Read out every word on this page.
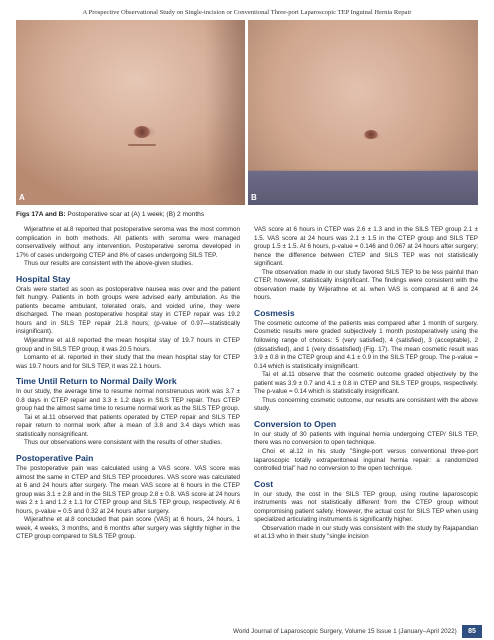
A Prospective Observational Study on Single-incision or Conventional Three-port Laparoscopic TEP Inguinal Hernia Repair
A	B
Figs 17A and B: Postoperative scar at (A) 1 week; (B) 2 months

Wijerathne et al.8 reported that postoperative seroma was the most common complication in both methods. All patients with seroma were managed conservatively without any intervention. Postoperative seroma developed in 17% of cases undergoing CTEP and 8% of cases undergoing SILS TEP.

Thus our results are consistent with the above-given studies.

Hospital Stay

Orals were started as soon as postoperative nausea was over and the patient felt hungry. Patients in both groups were advised early ambulation. As the patients became ambulant, tolerated orals, and voided urine, they were discharged. The mean postoperative hospital stay in CTEP repair was 19.2 hours and in SILS TEP repair 21.8 hours; (p-value of 0.97—statistically insignificant).

Wijerathne et al.8 reported the mean hospital stay of 19.7 hours in CTEP group and in SILS TEP group, it was 20.5 hours.

Lomanto et al. reported in their study that the mean hospital stay for CTEP was 19.7 hours and for SILS TEP, it was 22.1 hours.

Time Until Return to Normal Daily Work

In our study, the average time to resume normal nonstrenuous work was 3.7 ± 0.8 days in CTEP repair and 3.3 ± 1.2 days in SILS TEP repair. Thus CTEP group had the almost same time to resume normal work as the SILS TEP group.

Tai et al.11 observed that patients operated by CTEP repair and SILS TEP repair return to normal work after a mean of 3.8 and 3.4 days which was statistically nonsignificant.

Thus our observations were consistent with the results of other studies.

Postoperative Pain

The postoperative pain was calculated using a VAS score. VAS score was almost the same in CTEP and SILS TEP procedures. VAS score was calculated at 6 and 24 hours after surgery. The mean VAS score at 6 hours in the CTEP group was 3.1 ± 2.8 and in the SILS TEP group 2.8 ± 0.8. VAS score at 24 hours was 2 ± 1 and 1.2 ± 1.1 for CTEP group and SILS TEP group, respectively. At 6 hours, p-value = 0.5 and 0.32 at 24 hours after surgery.

Wijerathne et al.8 concluded that pain score (VAS) at 6 hours, 24 hours, 1 week, 4 weeks, 3 months, and 6 months after surgery was slightly higher in the CTEP group compared to SILS TEP group.

VAS score at 6 hours in CTEP was 2.6 ± 1.3 and in the SILS TEP group 2.1 ± 1.5. VAS score at 24 hours was 2.1 ± 1.5 in the CTEP group and SILS TEP group 1.5 ± 1.5. At 6 hours, p-value = 0.146 and 0.067 at 24 hours after surgery; hence the difference between CTEP and SILS TEP was not statistically significant.

The observation made in our study favored SILS TEP to be less painful than CTEP, however, statistically insignificant. The findings were consistent with the observation made by Wijerathne et al. when VAS is compared at 6 and 24 hours.

Cosmesis

The cosmetic outcome of the patients was compared after 1 month of surgery. Cosmetic results were graded subjectively 1 month postoperatively using the following range of choices: 5 (very satisfied), 4 (satisfied), 3 (acceptable), 2 (dissatisfied), and 1 (very dissatisfied) (Fig. 17). The mean cosmetic result was 3.9 ± 0.8 in the CTEP group and 4.1 ± 0.9 in the SILS TEP group. The p-value = 0.14 which is statistically insignificant.

Tai et al.11 observe that the cosmetic outcome graded objectively by the patient was 3.9 ± 0.7 and 4.1 ± 0.8 in CTEP and SILS TEP groups, respectively. The p-value = 0.14 which is statistically insignificant.

Thus concerning cosmetic outcome, our results are consistent with the above study.

Conversion to Open

In our study of 30 patients with inguinal hernia undergoing CTEP/ SILS TEP, there was no conversion to open technique.

Choi et al.12 in his study "Single-port versus conventional three-port laparoscopic totally extraperitoneal inguinal hernia repair: a randomized controlled trial" had no conversion to the open technique.

Cost

In our study, the cost in the SILS TEP group, using routine laparoscopic instruments was not statistically different from the CTEP group without compromising patient safety. However, the actual cost for SILS TEP when using specialized articulating instruments is significantly higher.

Observation made in our study was consistent with the study by Rajapandian et al.13 who in their study "single incision

World Journal of Laparoscopic Surgery, Volume 15 Issue 1 (January–April 2022)	85
